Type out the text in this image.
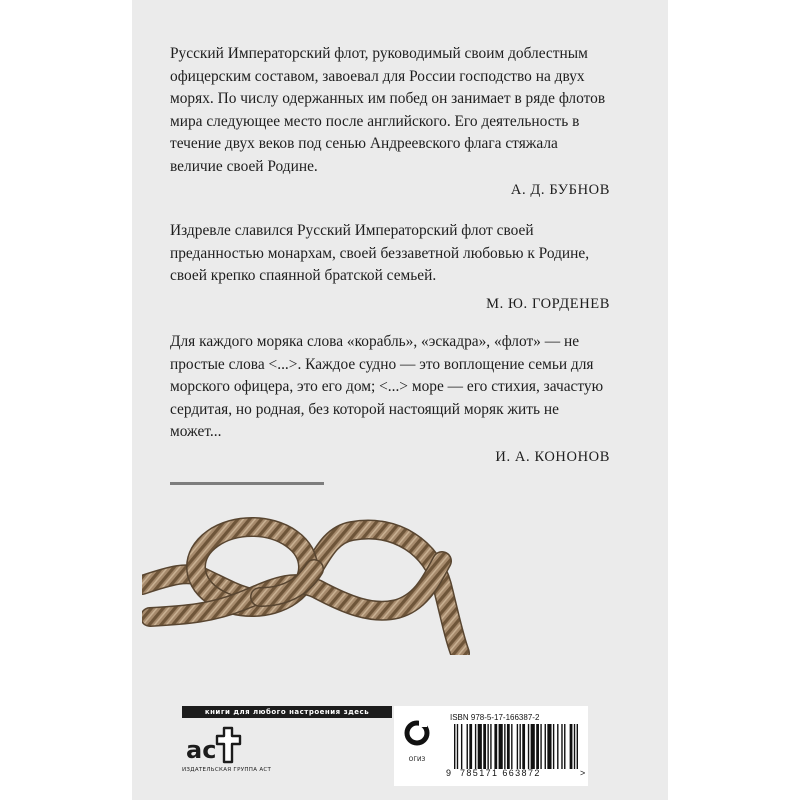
Русский Императорский флот, руководимый своим доблестным офицерским составом, завоевал для России господство на двух морях. По числу одержанных им побед он занимает в ряде флотов мира следующее место после английского. Его деятельность в течение двух веков под сенью Андреевского флага стяжала величие своей Родине.

А. Д. БУБНОВ

Издревле славился Русский Императорский флот своей преданностью монархам, своей беззаветной любовью к Родине, своей крепко спаянной братской семьей.

М. Ю. ГОРДЕНЕВ

Для каждого моряка слова «корабль», «эскадра», «флот» — не простые слова <...>. Каждое судно — это воплощение семьи для морского офицера, это его дом; <...> море — его стихия, зачастую сердитая, но родная, без которой настоящий моряк жить не может...

И. А. КОНОНОВ
книги для любого настроения здесь
ас
ИЗДАТЕЛЬСКАЯ ГРУППА АСТ
ОГИЗ
ISBN 978-5-17-166387-2
9 785171 663872	>
